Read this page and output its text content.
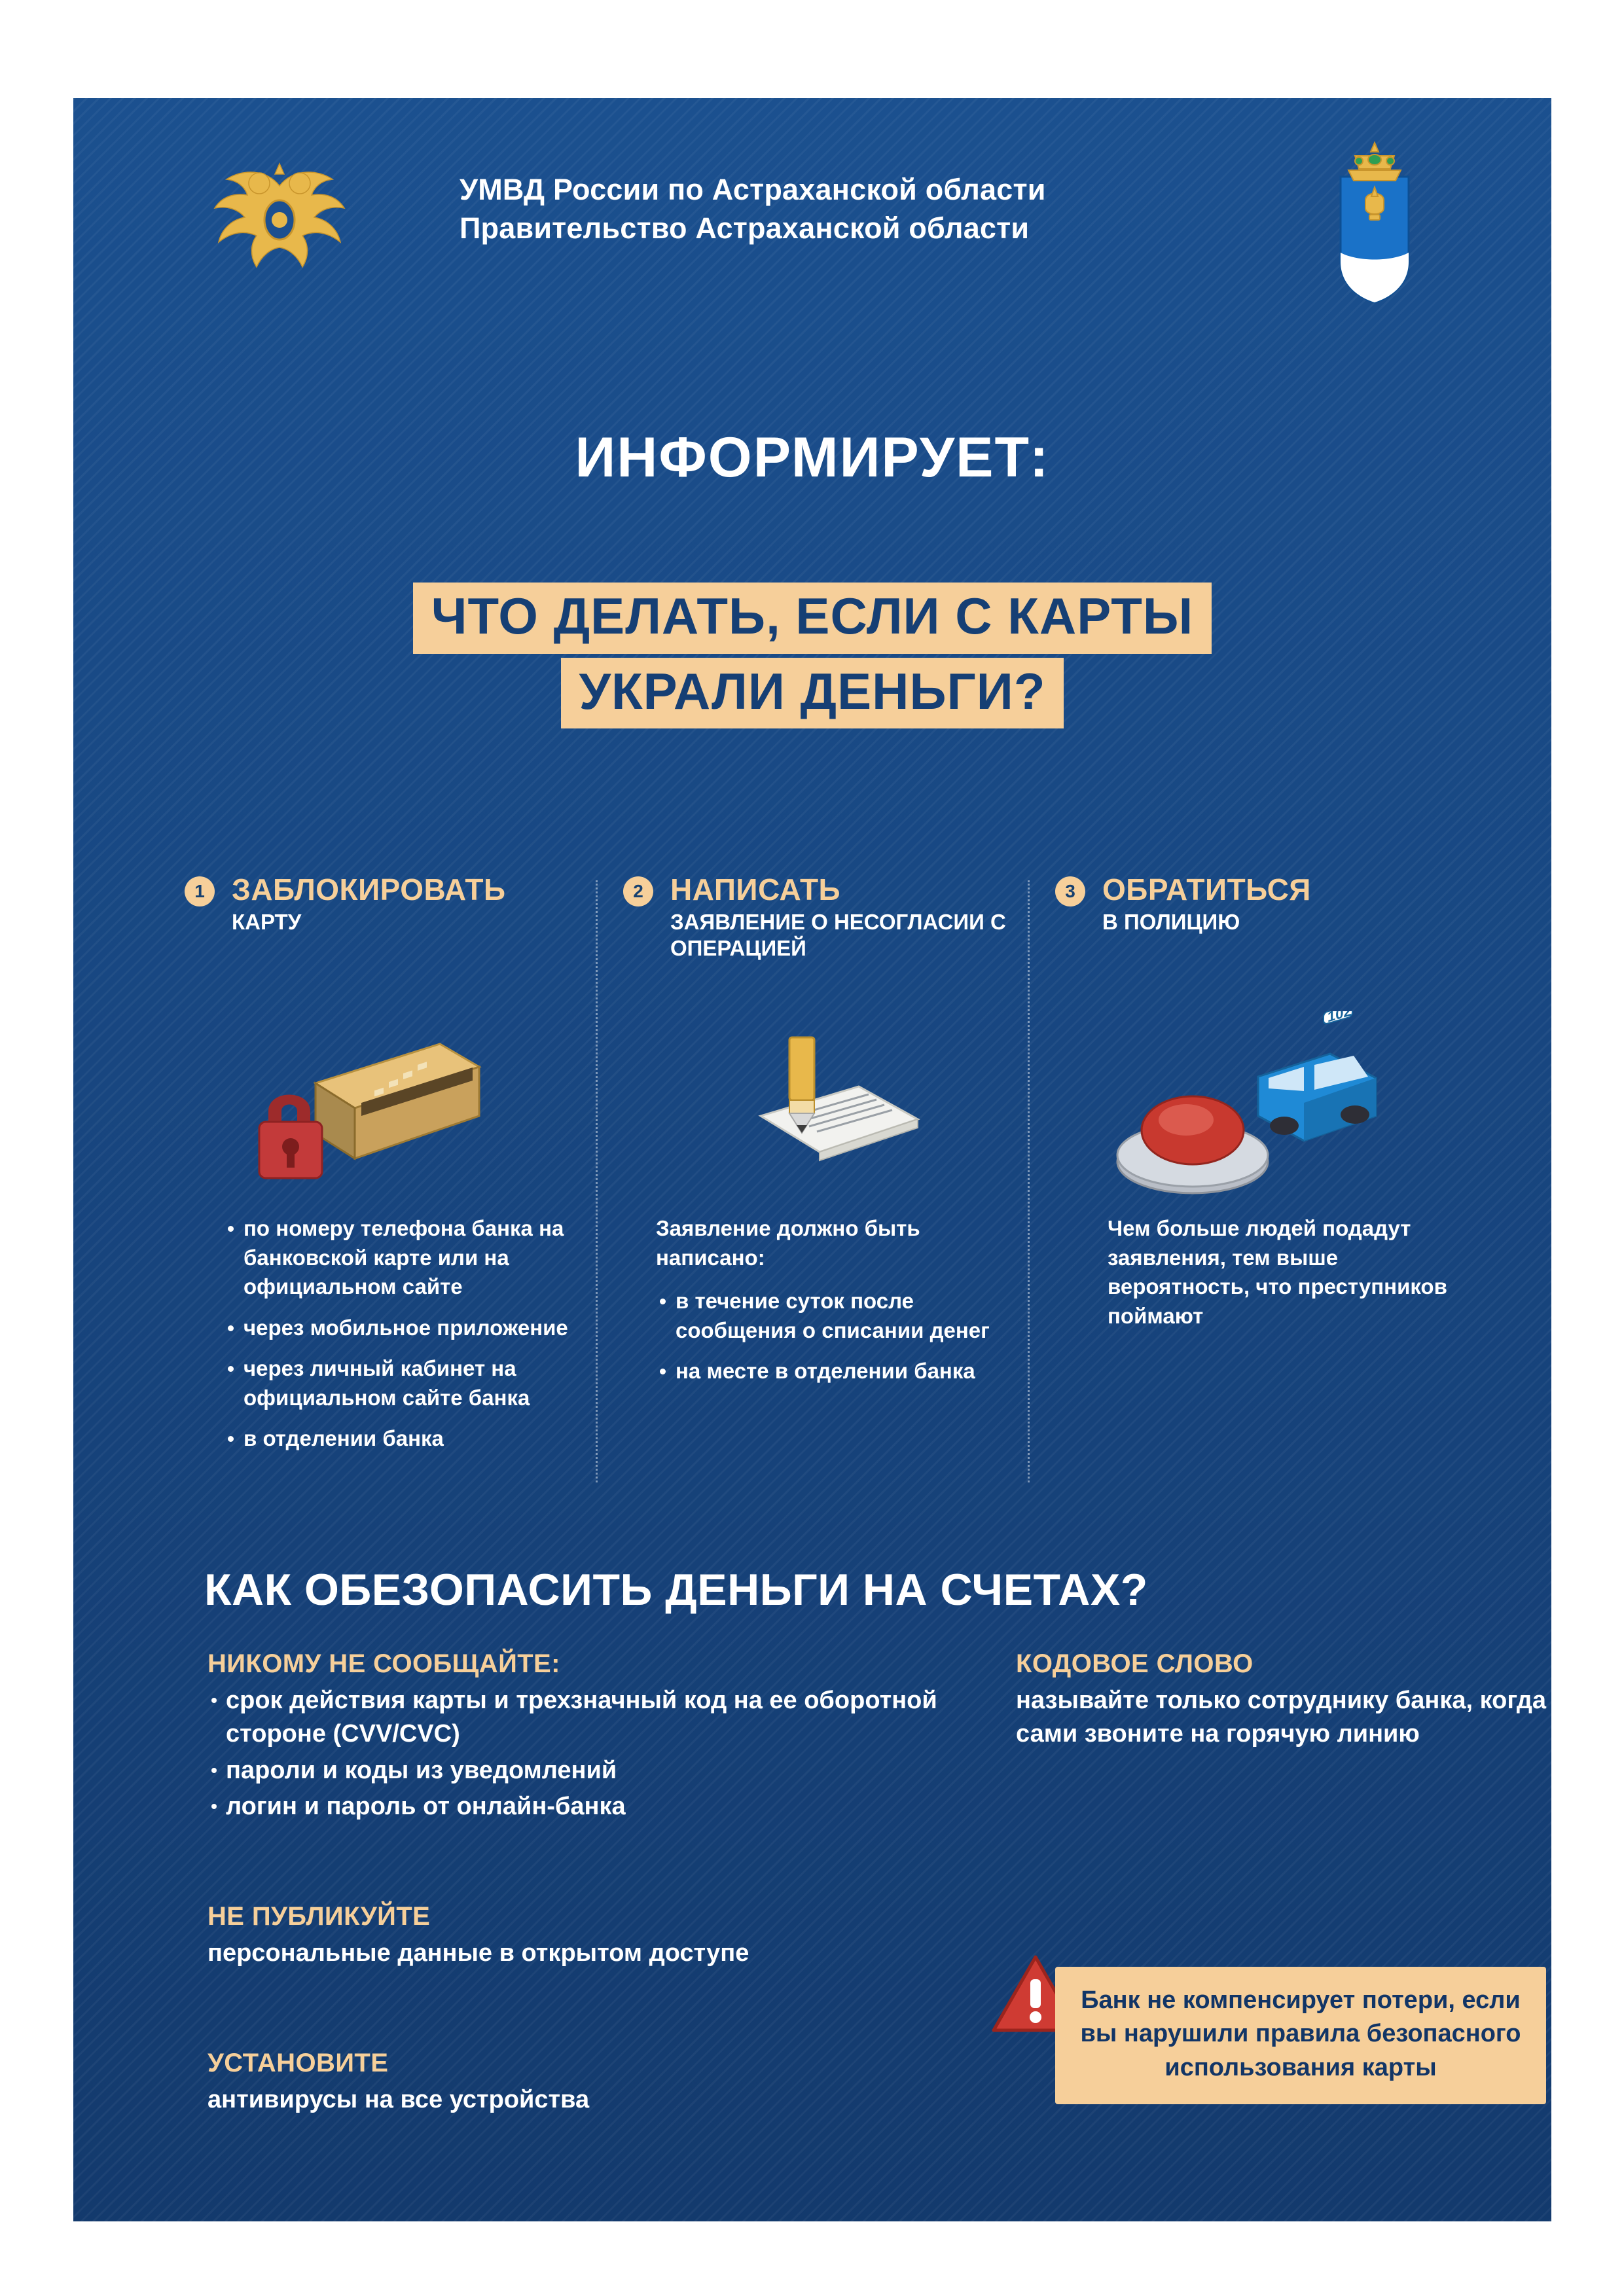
УМВД России по Астраханской области
Правительство Астраханской области
ИНФОРМИРУЕТ:
ЧТО ДЕЛАТЬ, ЕСЛИ С КАРТЫ
УКРАЛИ ДЕНЬГИ?
1 ЗАБЛОКИРОВАТЬ
КАРТУ
по номеру телефона банка на банковской карте или на официальном сайте
через мобильное приложение
через личный кабинет на официальном сайте банка
в отделении банка
2 НАПИСАТЬ
ЗАЯВЛЕНИЕ О НЕСОГЛАСИИ С ОПЕРАЦИЕЙ

Заявление должно быть написано:

в течение суток после сообщения о списании денег
на месте в отделении банка
3 ОБРАТИТЬСЯ
В ПОЛИЦИЮ
102
Чем больше людей подадут заявления, тем выше вероятность, что преступников поймают
КАК ОБЕЗОПАСИТЬ ДЕНЬГИ НА СЧЕТАХ?
НИКОМУ НЕ СООБЩАЙТЕ:
срок действия карты и трехзначный код на ее оборотной стороне (CVV/CVC)
пароли и коды из уведомлений
логин и пароль от онлайн-банка
НЕ ПУБЛИКУЙТЕ
персональные данные в открытом доступе
УСТАНОВИТЕ
антивирусы на все устройства
КОДОВОЕ СЛОВО
называйте только сотруднику банка, когда сами звоните на горячую линию
Банк не компенсирует потери, если вы нарушили правила безопасного использования карты
